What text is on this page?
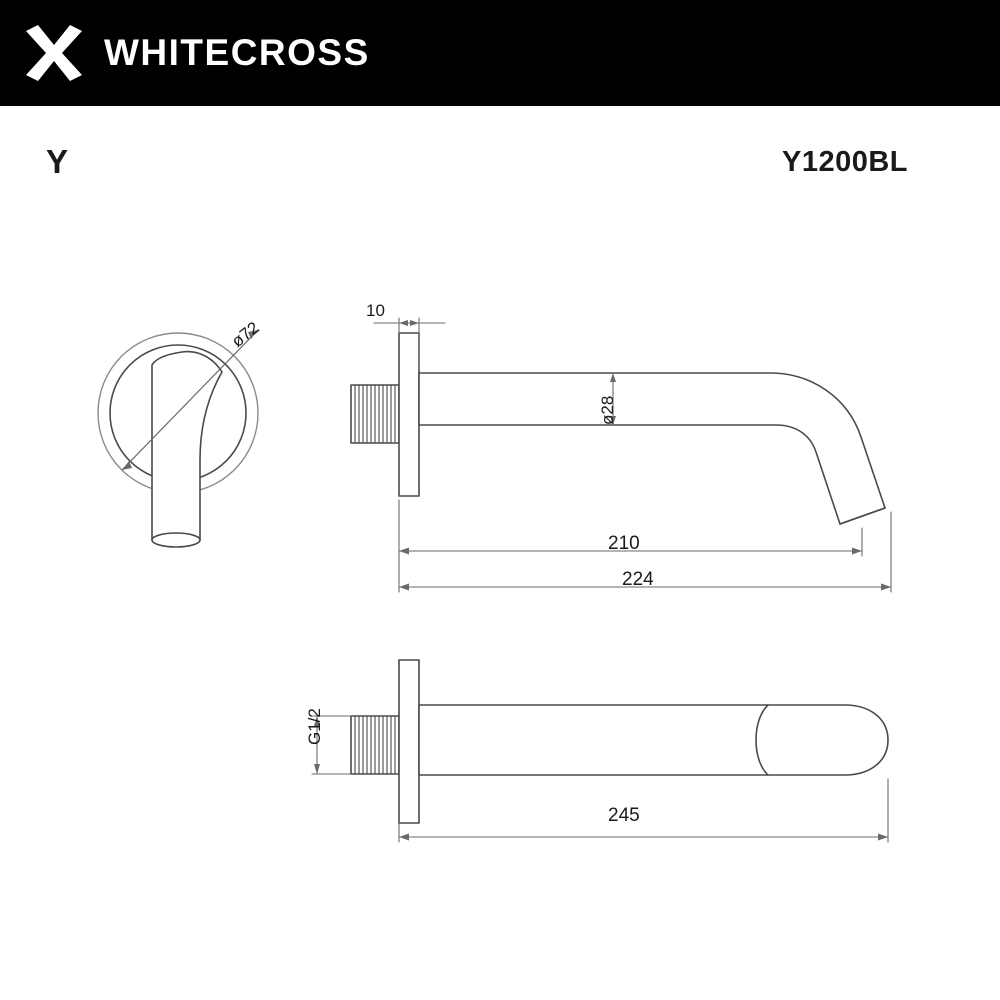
WHITECROSS
Y	Y1200BL
ø72
10
ø28
210
224
G1/2
245
